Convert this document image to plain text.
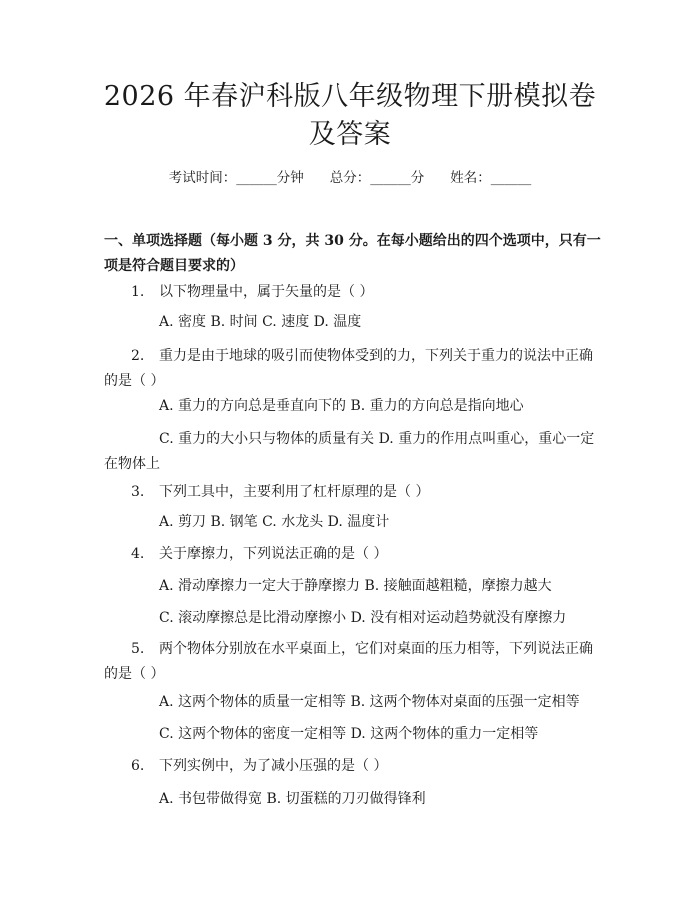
2026 年春沪科版八年级物理下册模拟卷及答案
考试时间：______分钟 总分：______分 姓名：______
一、单项选择题（每小题 3 分，共 30 分。在每小题给出的四个选项中，只有一项是符合题目要求的）
1. 以下物理量中，属于矢量的是（ ）
A. 密度 B. 时间 C. 速度 D. 温度
2. 重力是由于地球的吸引而使物体受到的力，下列关于重力的说法中正确的是（ ）
A. 重力的方向总是垂直向下的 B. 重力的方向总是指向地心
C. 重力的大小只与物体的质量有关 D. 重力的作用点叫重心，重心一定在物体上
3. 下列工具中，主要利用了杠杆原理的是（ ）
A. 剪刀 B. 钢笔 C. 水龙头 D. 温度计
4. 关于摩擦力，下列说法正确的是（ ）
A. 滑动摩擦力一定大于静摩擦力 B. 接触面越粗糙，摩擦力越大
C. 滚动摩擦总是比滑动摩擦小 D. 没有相对运动趋势就没有摩擦力
5. 两个物体分别放在水平桌面上，它们对桌面的压力相等，下列说法正确的是（ ）
A. 这两个物体的质量一定相等 B. 这两个物体对桌面的压强一定相等
C. 这两个物体的密度一定相等 D. 这两个物体的重力一定相等
6. 下列实例中，为了减小压强的是（ ）
A. 书包带做得宽 B. 切蛋糕的刀刃做得锋利
